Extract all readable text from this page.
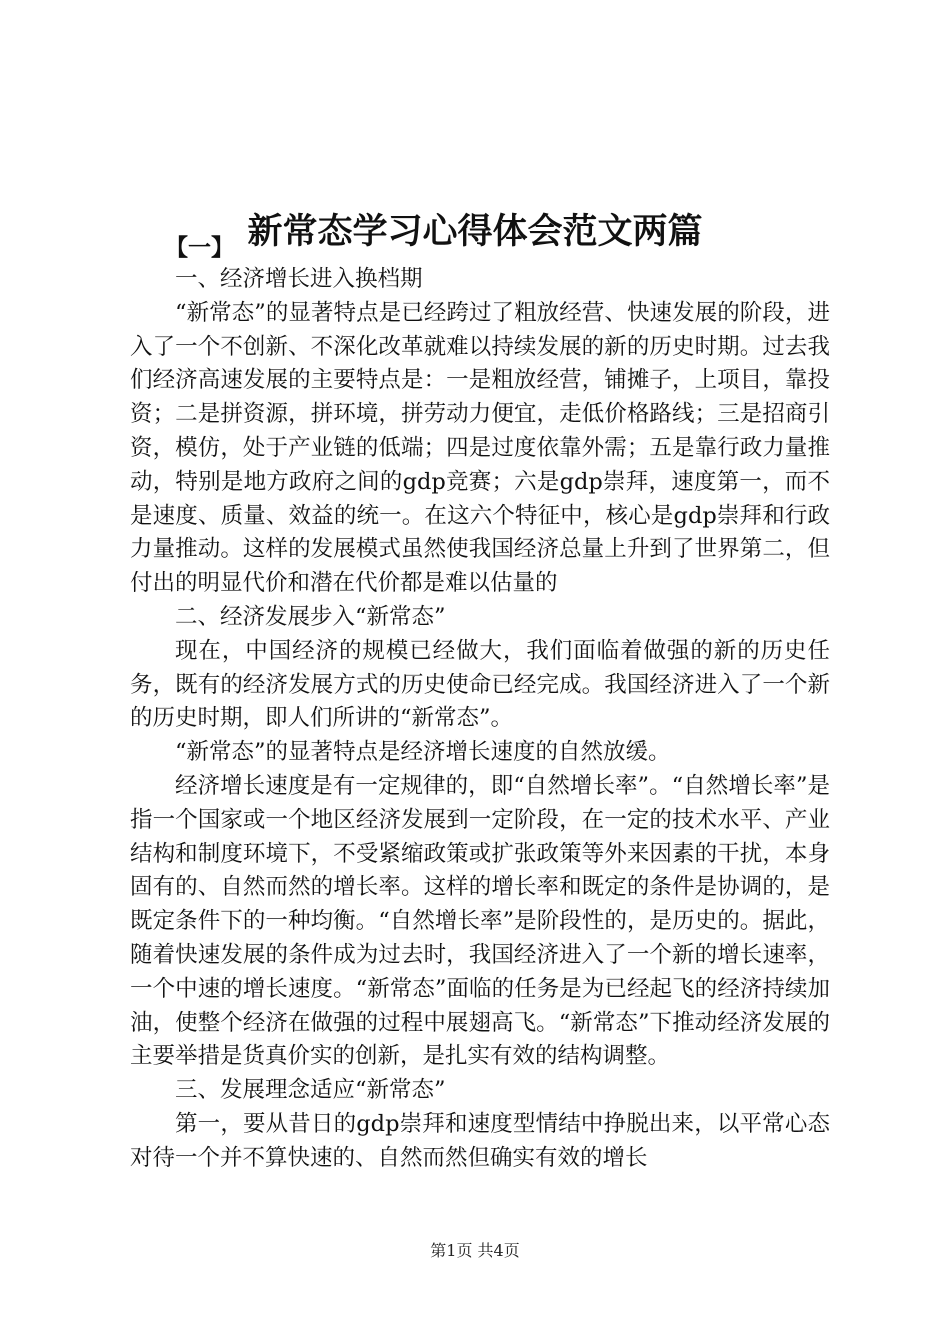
新常态学习心得体会范文两篇
【一】

一、经济增长进入换档期

“新常态”的显著特点是已经跨过了粗放经营、快速发展的阶段，进入了一个不创新、不深化改革就难以持续发展的新的历史时期。过去我们经济高速发展的主要特点是：一是粗放经营，铺摊子，上项目，靠投资；二是拼资源，拼环境，拼劳动力便宜，走低价格路线；三是招商引资，模仿，处于产业链的低端；四是过度依靠外需；五是靠行政力量推动，特别是地方政府之间的gdp竞赛；六是gdp崇拜，速度第一，而不是速度、质量、效益的统一。在这六个特征中，核心是gdp崇拜和行政力量推动。这样的发展模式虽然使我国经济总量上升到了世界第二，但付出的明显代价和潜在代价都是难以估量的

二、经济发展步入“新常态”

现在，中国经济的规模已经做大，我们面临着做强的新的历史任务，既有的经济发展方式的历史使命已经完成。我国经济进入了一个新的历史时期，即人们所讲的“新常态”。

“新常态”的显著特点是经济增长速度的自然放缓。

经济增长速度是有一定规律的，即“自然增长率”。“自然增长率”是指一个国家或一个地区经济发展到一定阶段，在一定的技术水平、产业结构和制度环境下，不受紧缩政策或扩张政策等外来因素的干扰，本身固有的、自然而然的增长率。这样的增长率和既定的条件是协调的，是既定条件下的一种均衡。“自然增长率”是阶段性的，是历史的。据此，随着快速发展的条件成为过去时，我国经济进入了一个新的增长速率，一个中速的增长速度。“新常态”面临的任务是为已经起飞的经济持续加油，使整个经济在做强的过程中展翅高飞。“新常态”下推动经济发展的主要举措是货真价实的创新，是扎实有效的结构调整。

三、发展理念适应“新常态”

第一，要从昔日的gdp崇拜和速度型情结中挣脱出来，以平常心态对待一个并不算快速的、自然而然但确实有效的增长

第1页 共4页
